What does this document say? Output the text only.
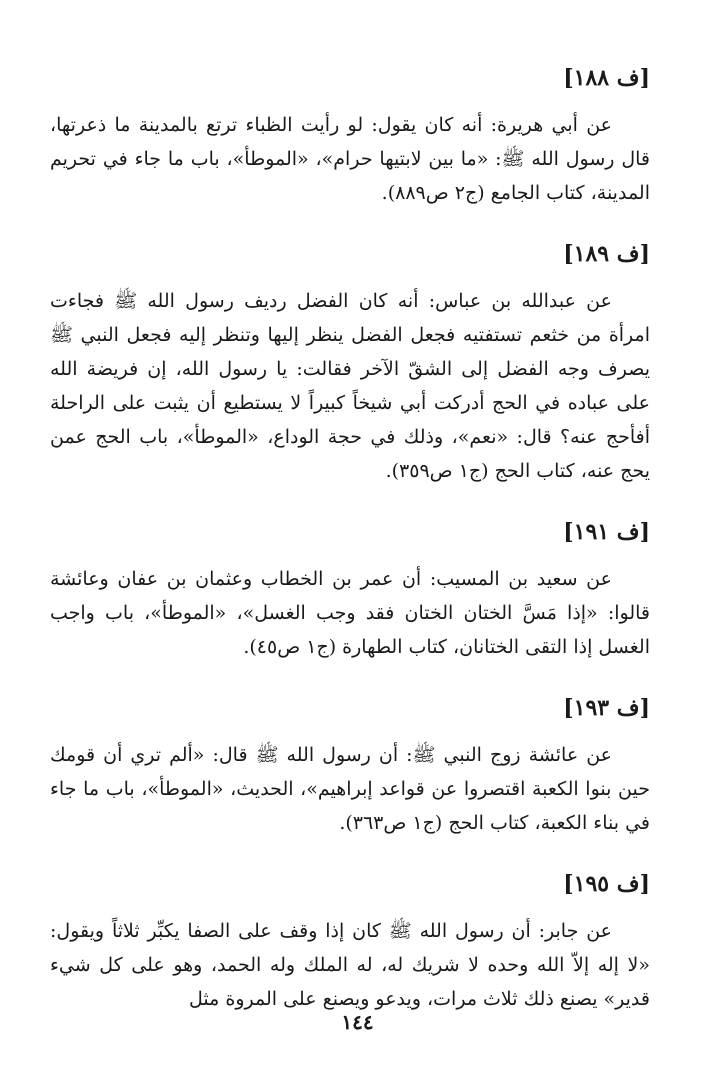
[ف ١٨٨]

عن أبي هريرة: أنه كان يقول: لو رأيت الظباء ترتع بالمدينة ما ذعرتها، قال رسول الله ﷺ: «ما بين لابتيها حرام»، «الموطأ»، باب ما جاء في تحريم المدينة، كتاب الجامع (ج٢ ص٨٨٩).

[ف ١٨٩]

عن عبدالله بن عباس: أنه كان الفضل رديف رسول الله ﷺ فجاءت امرأة من خثعم تستفتيه فجعل الفضل ينظر إليها وتنظر إليه فجعل النبي ﷺ يصرف وجه الفضل إلى الشقّ الآخر فقالت: يا رسول الله، إن فريضة الله على عباده في الحج أدركت أبي شيخاً كبيراً لا يستطيع أن يثبت على الراحلة أفأحج عنه؟ قال: «نعم»، وذلك في حجة الوداع، «الموطأ»، باب الحج عمن يحج عنه، كتاب الحج (ج١ ص٣٥٩).

[ف ١٩١]

عن سعيد بن المسيب: أن عمر بن الخطاب وعثمان بن عفان وعائشة قالوا: «إذا مَسَّ الختان الختان فقد وجب الغسل»، «الموطأ»، باب واجب الغسل إذا التقى الختانان، كتاب الطهارة (ج١ ص٤٥).

[ف ١٩٣]

عن عائشة زوج النبي ﷺ: أن رسول الله ﷺ قال: «ألم تري أن قومك حين بنوا الكعبة اقتصروا عن قواعد إبراهيم»، الحديث، «الموطأ»، باب ما جاء في بناء الكعبة، كتاب الحج (ج١ ص٣٦٣).

[ف ١٩٥]

عن جابر: أن رسول الله ﷺ كان إذا وقف على الصفا يكبِّر ثلاثاً ويقول: «لا إله إلاّ الله وحده لا شريك له، له الملك وله الحمد، وهو على كل شيء قدير» يصنع ذلك ثلاث مرات، ويدعو ويصنع على المروة مثل

١٤٤
